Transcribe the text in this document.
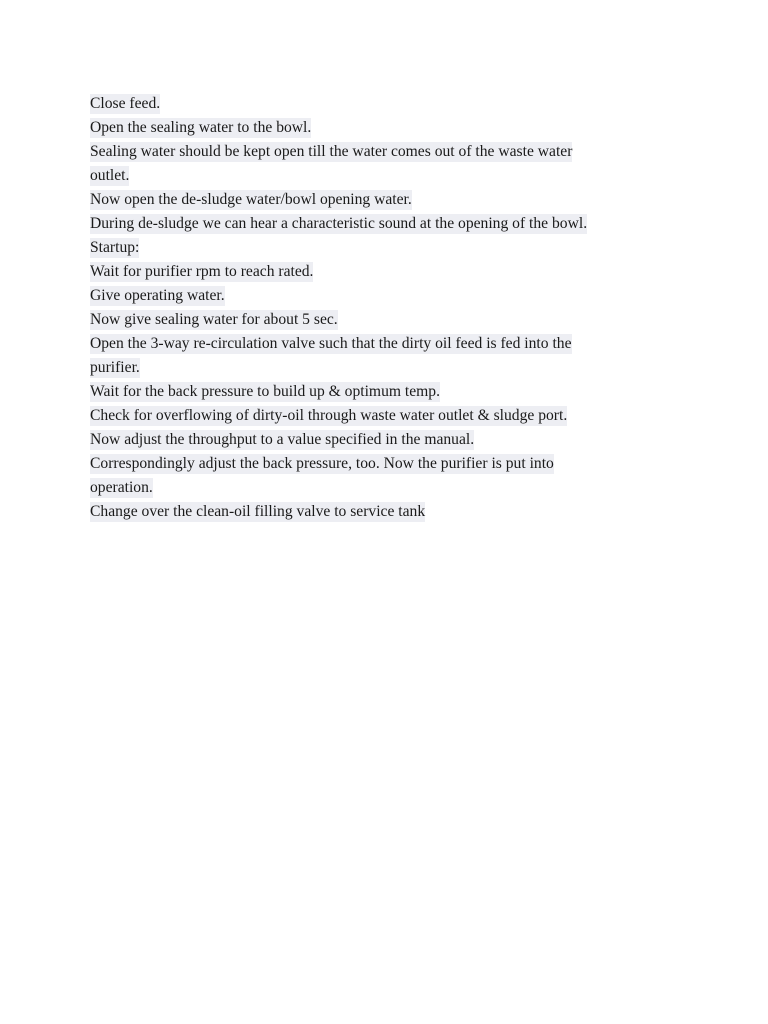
Close feed.
Open the sealing water to the bowl.
Sealing water should be kept open till the water comes out of the waste water
outlet.
Now open the de-sludge water/bowl opening water.
During de-sludge we can hear a characteristic sound at the opening of the bowl.
Startup:
Wait for purifier rpm to reach rated.
Give operating water.
Now give sealing water for about 5 sec.
Open the 3-way re-circulation valve such that the dirty oil feed is fed into the
purifier.
Wait for the back pressure to build up & optimum temp.
Check for overflowing of dirty-oil through waste water outlet & sludge port.
Now adjust the throughput to a value specified in the manual.
Correspondingly adjust the back pressure, too. Now the purifier is put into
operation.
Change over the clean-oil filling valve to service tank
